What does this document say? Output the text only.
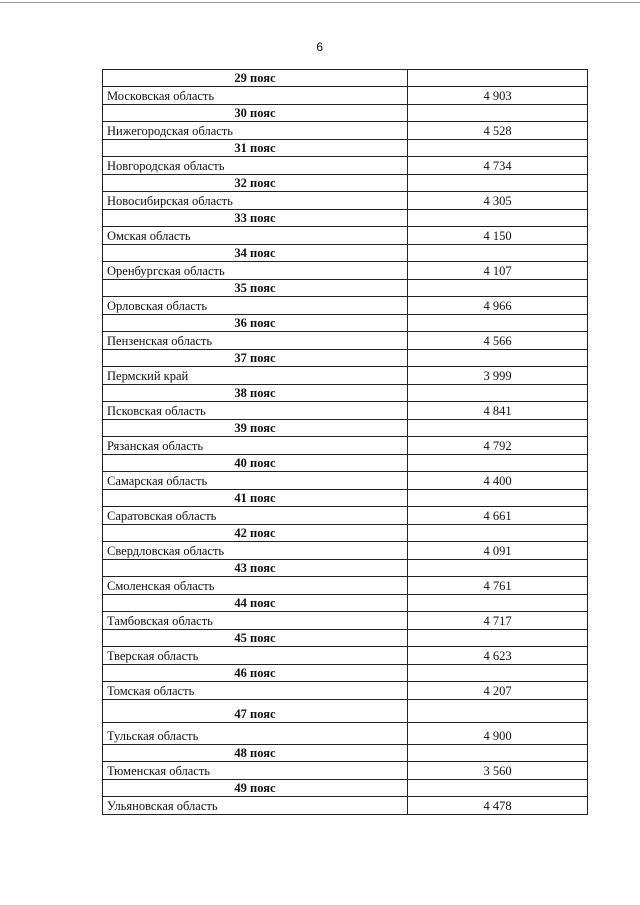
6
29 пояс	
Московская область	4 903
30 пояс	
Нижегородская область	4 528
31 пояс	
Новгородская область	4 734
32 пояс	
Новосибирская область	4 305
33 пояс	
Омская область	4 150
34 пояс	
Оренбургская область	4 107
35 пояс	
Орловская область	4 966
36 пояс	
Пензенская область	4 566
37 пояс	
Пермский край	3 999
38 пояс	
Псковская область	4 841
39 пояс	
Рязанская область	4 792
40 пояс	
Самарская область	4 400
41 пояс	
Саратовская область	4 661
42 пояс	
Свердловская область	4 091
43 пояс	
Смоленская область	4 761
44 пояс	
Тамбовская область	4 717
45 пояс	
Тверская область	4 623
46 пояс	
Томская область	4 207
47 пояс	
Тульская область	4 900
48 пояс	
Тюменская область	3 560
49 пояс	
Ульяновская область	4 478
